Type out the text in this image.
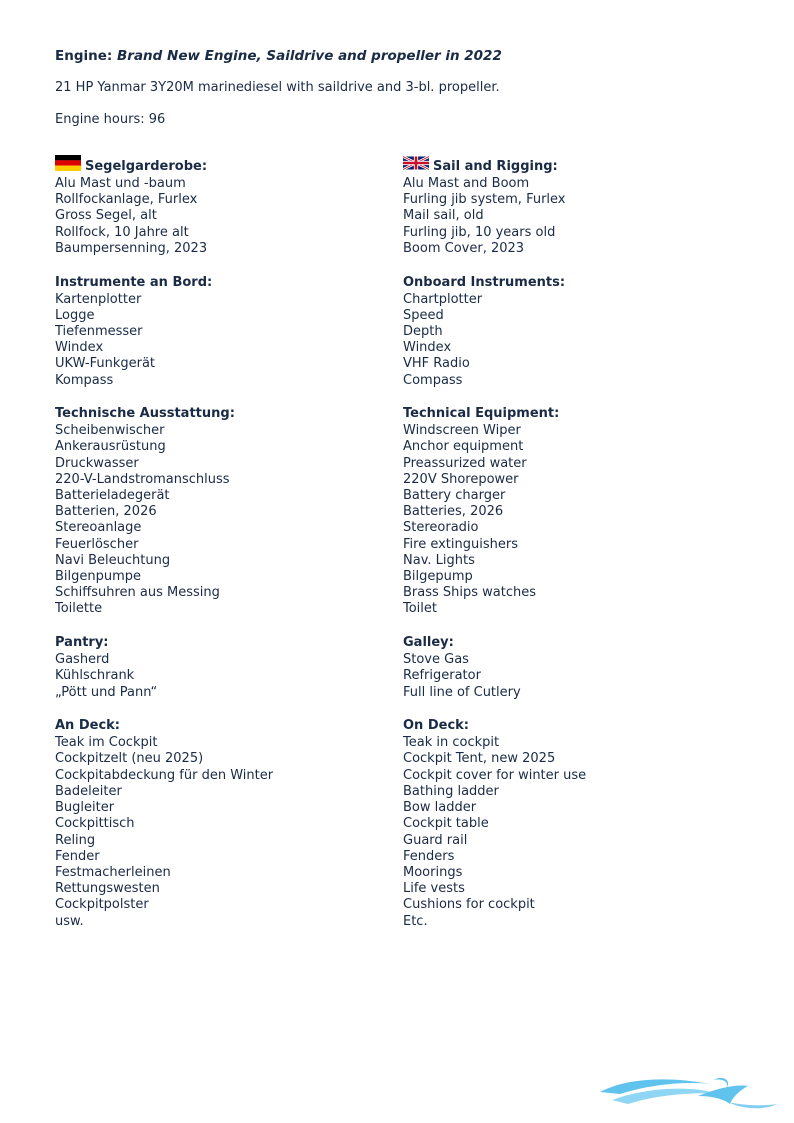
Engine: Brand New Engine, Saildrive and propeller in 2022

21 HP Yanmar 3Y20M marinediesel with saildrive and 3-bl. propeller.

Engine hours: 96

Segelgarderobe:
Alu Mast und -baum
Rollfockanlage, Furlex
Gross Segel, alt
Rollfock, 10 Jahre alt
Baumpersenning, 2023
Instrumente an Bord:
Kartenplotter
Logge
Tiefenmesser
Windex
UKW-Funkgerät
Kompass
Technische Ausstattung:
Scheibenwischer
Ankerausrüstung
Druckwasser
220-V-Landstromanschluss
Batterieladegerät
Batterien, 2026
Stereoanlage
Feuerlöscher
Navi Beleuchtung
Bilgenpumpe
Schiffsuhren aus Messing
Toilette
Pantry:
Gasherd
Kühlschrank
„Pött und Pann“
An Deck:
Teak im Cockpit
Cockpitzelt (neu 2025)
Cockpitabdeckung für den Winter
Badeleiter
Bugleiter
Cockpittisch
Reling
Fender
Festmacherleinen
Rettungswesten
Cockpitpolster
usw.
Sail and Rigging:
Alu Mast and Boom
Furling jib system, Furlex
Mail sail, old
Furling jib, 10 years old
Boom Cover, 2023
Onboard Instruments:
Chartplotter
Speed
Depth
Windex
VHF Radio
Compass
Technical Equipment:
Windscreen Wiper
Anchor equipment
Preassurized water
220V Shorepower
Battery charger
Batteries, 2026
Stereoradio
Fire extinguishers
Nav. Lights
Bilgepump
Brass Ships watches
Toilet
Galley:
Stove Gas
Refrigerator
Full line of Cutlery
On Deck:
Teak in cockpit
Cockpit Tent, new 2025
Cockpit cover for winter use
Bathing ladder
Bow ladder
Cockpit table
Guard rail
Fenders
Moorings
Life vests
Cushions for cockpit
Etc.
